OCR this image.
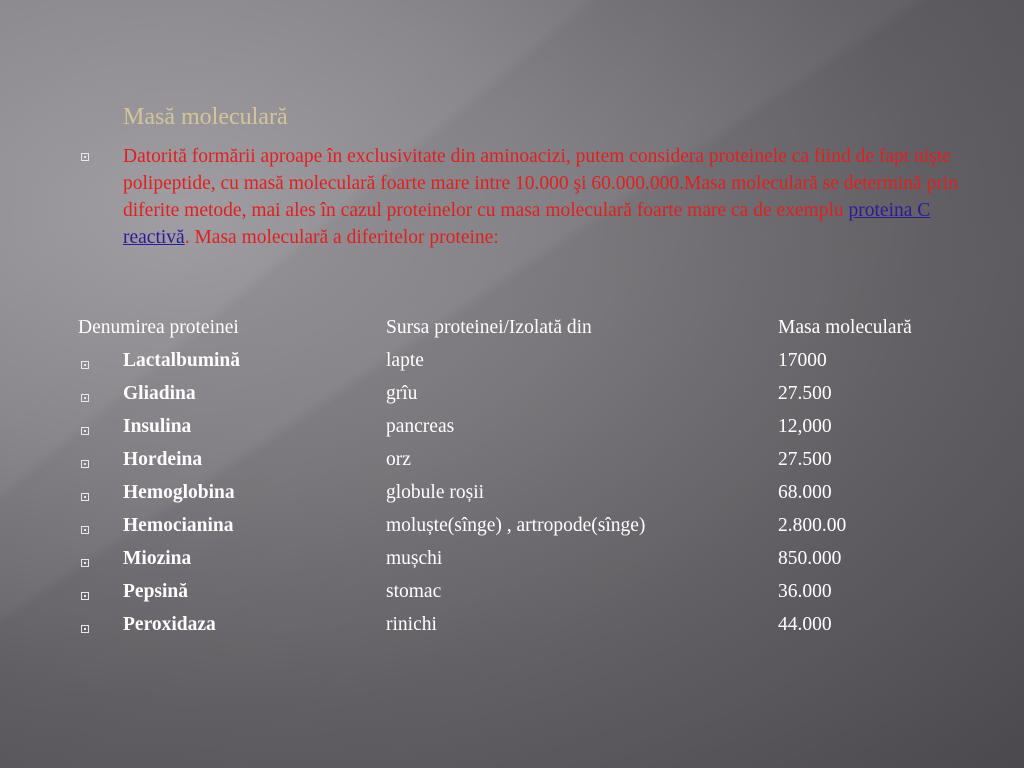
Masă moleculară
Datorită formării aproape în exclusivitate din aminoacizi, putem considera proteinele ca fiind de fapt nişte polipeptide, cu masă moleculară foarte mare intre 10.000 şi 60.000.000.Masa moleculară se determină prin diferite metode, mai ales în cazul proteinelor cu masa moleculară foarte mare ca de exemplu proteina C reactivă. Masa moleculară a diferitelor proteine:
Denumirea proteinei	Sursa proteinei/Izolată din	Masa moleculară
Lactalbumină	lapte	17000
Gliadina	grîu	27.500
Insulina	pancreas	12,000
Hordeina	orz	27.500
Hemoglobina	globule roșii	68.000
Hemocianina	moluște(sînge) , artropode(sînge)	2.800.00
Miozina	mușchi	850.000
Pepsină	stomac	36.000
Peroxidaza	rinichi	44.000
